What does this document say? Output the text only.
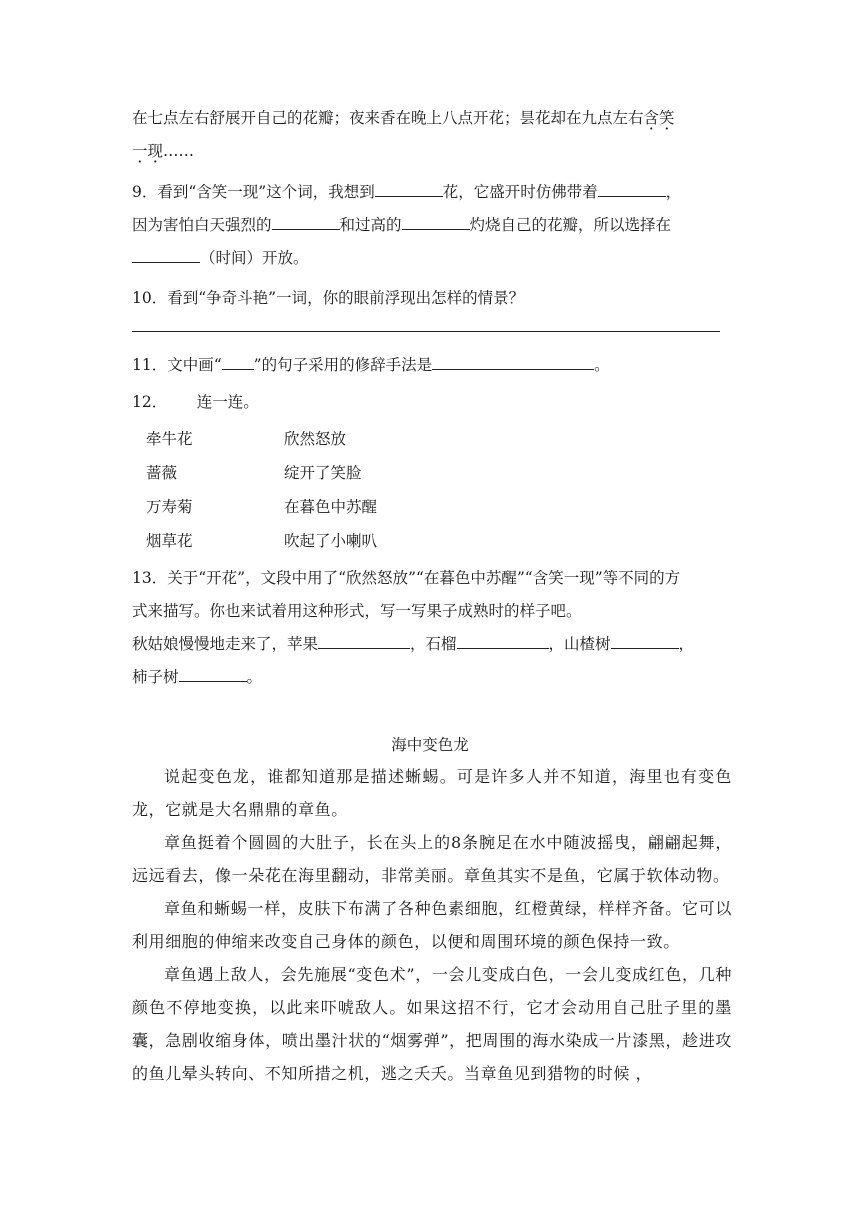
在七点左右舒展开自己的花瓣；夜来香在晚上八点开花；昙花却在九点左右含笑
一现……
9．看到“含笑一现”这个词，我想到	花，它盛开时仿佛带着	，
因为害怕白天强烈的	和过高的	灼烧自己的花瓣，所以选择在
（时间）开放。
10．看到“争奇斗艳”一词，你的眼前浮现出怎样的情景？
11．文中画“ ”的句子采用的修辞手法是	。
12．      连一连。
牵牛花	欣然怒放
蔷薇	绽开了笑脸
万寿菊	在暮色中苏醒
烟草花	吹起了小喇叭
13．关于“开花”，文段中用了“欣然怒放”“在暮色中苏醒”“含笑一现”等不同的方
式来描写。你也来试着用这种形式，写一写果子成熟时的样子吧。
秋姑娘慢慢地走来了，苹果	，石榴	，山楂树	，
柿子树	。
海中变色龙
说起变色龙，谁都知道那是描述蜥蜴。可是许多人并不知道，海里也有变色龙，它就是大名鼎鼎的章鱼。
章鱼挺着个圆圆的大肚子，长在头上的8条腕足在水中随波摇曳，翩翩起舞，远远看去，像一朵花在海里翻动，非常美丽。章鱼其实不是鱼，它属于软体动物。
章鱼和蜥蜴一样，皮肤下布满了各种色素细胞，红橙黄绿，样样齐备。它可以利用细胞的伸缩来改变自己身体的颜色，以便和周围环境的颜色保持一致。
章鱼遇上敌人，会先施展“变色术”，一会儿变成白色，一会儿变成红色，几种颜色不停地变换，以此来吓唬敌人。如果这招不行，它才会动用自己肚子里的墨囊，急剧收缩身体，喷出墨汁状的“烟雾弹”，把周围的海水染成一片漆黑，趁进攻的鱼儿晕头转向、不知所措之机，逃之夭夭。当章鱼见到猎物的时候 ，
